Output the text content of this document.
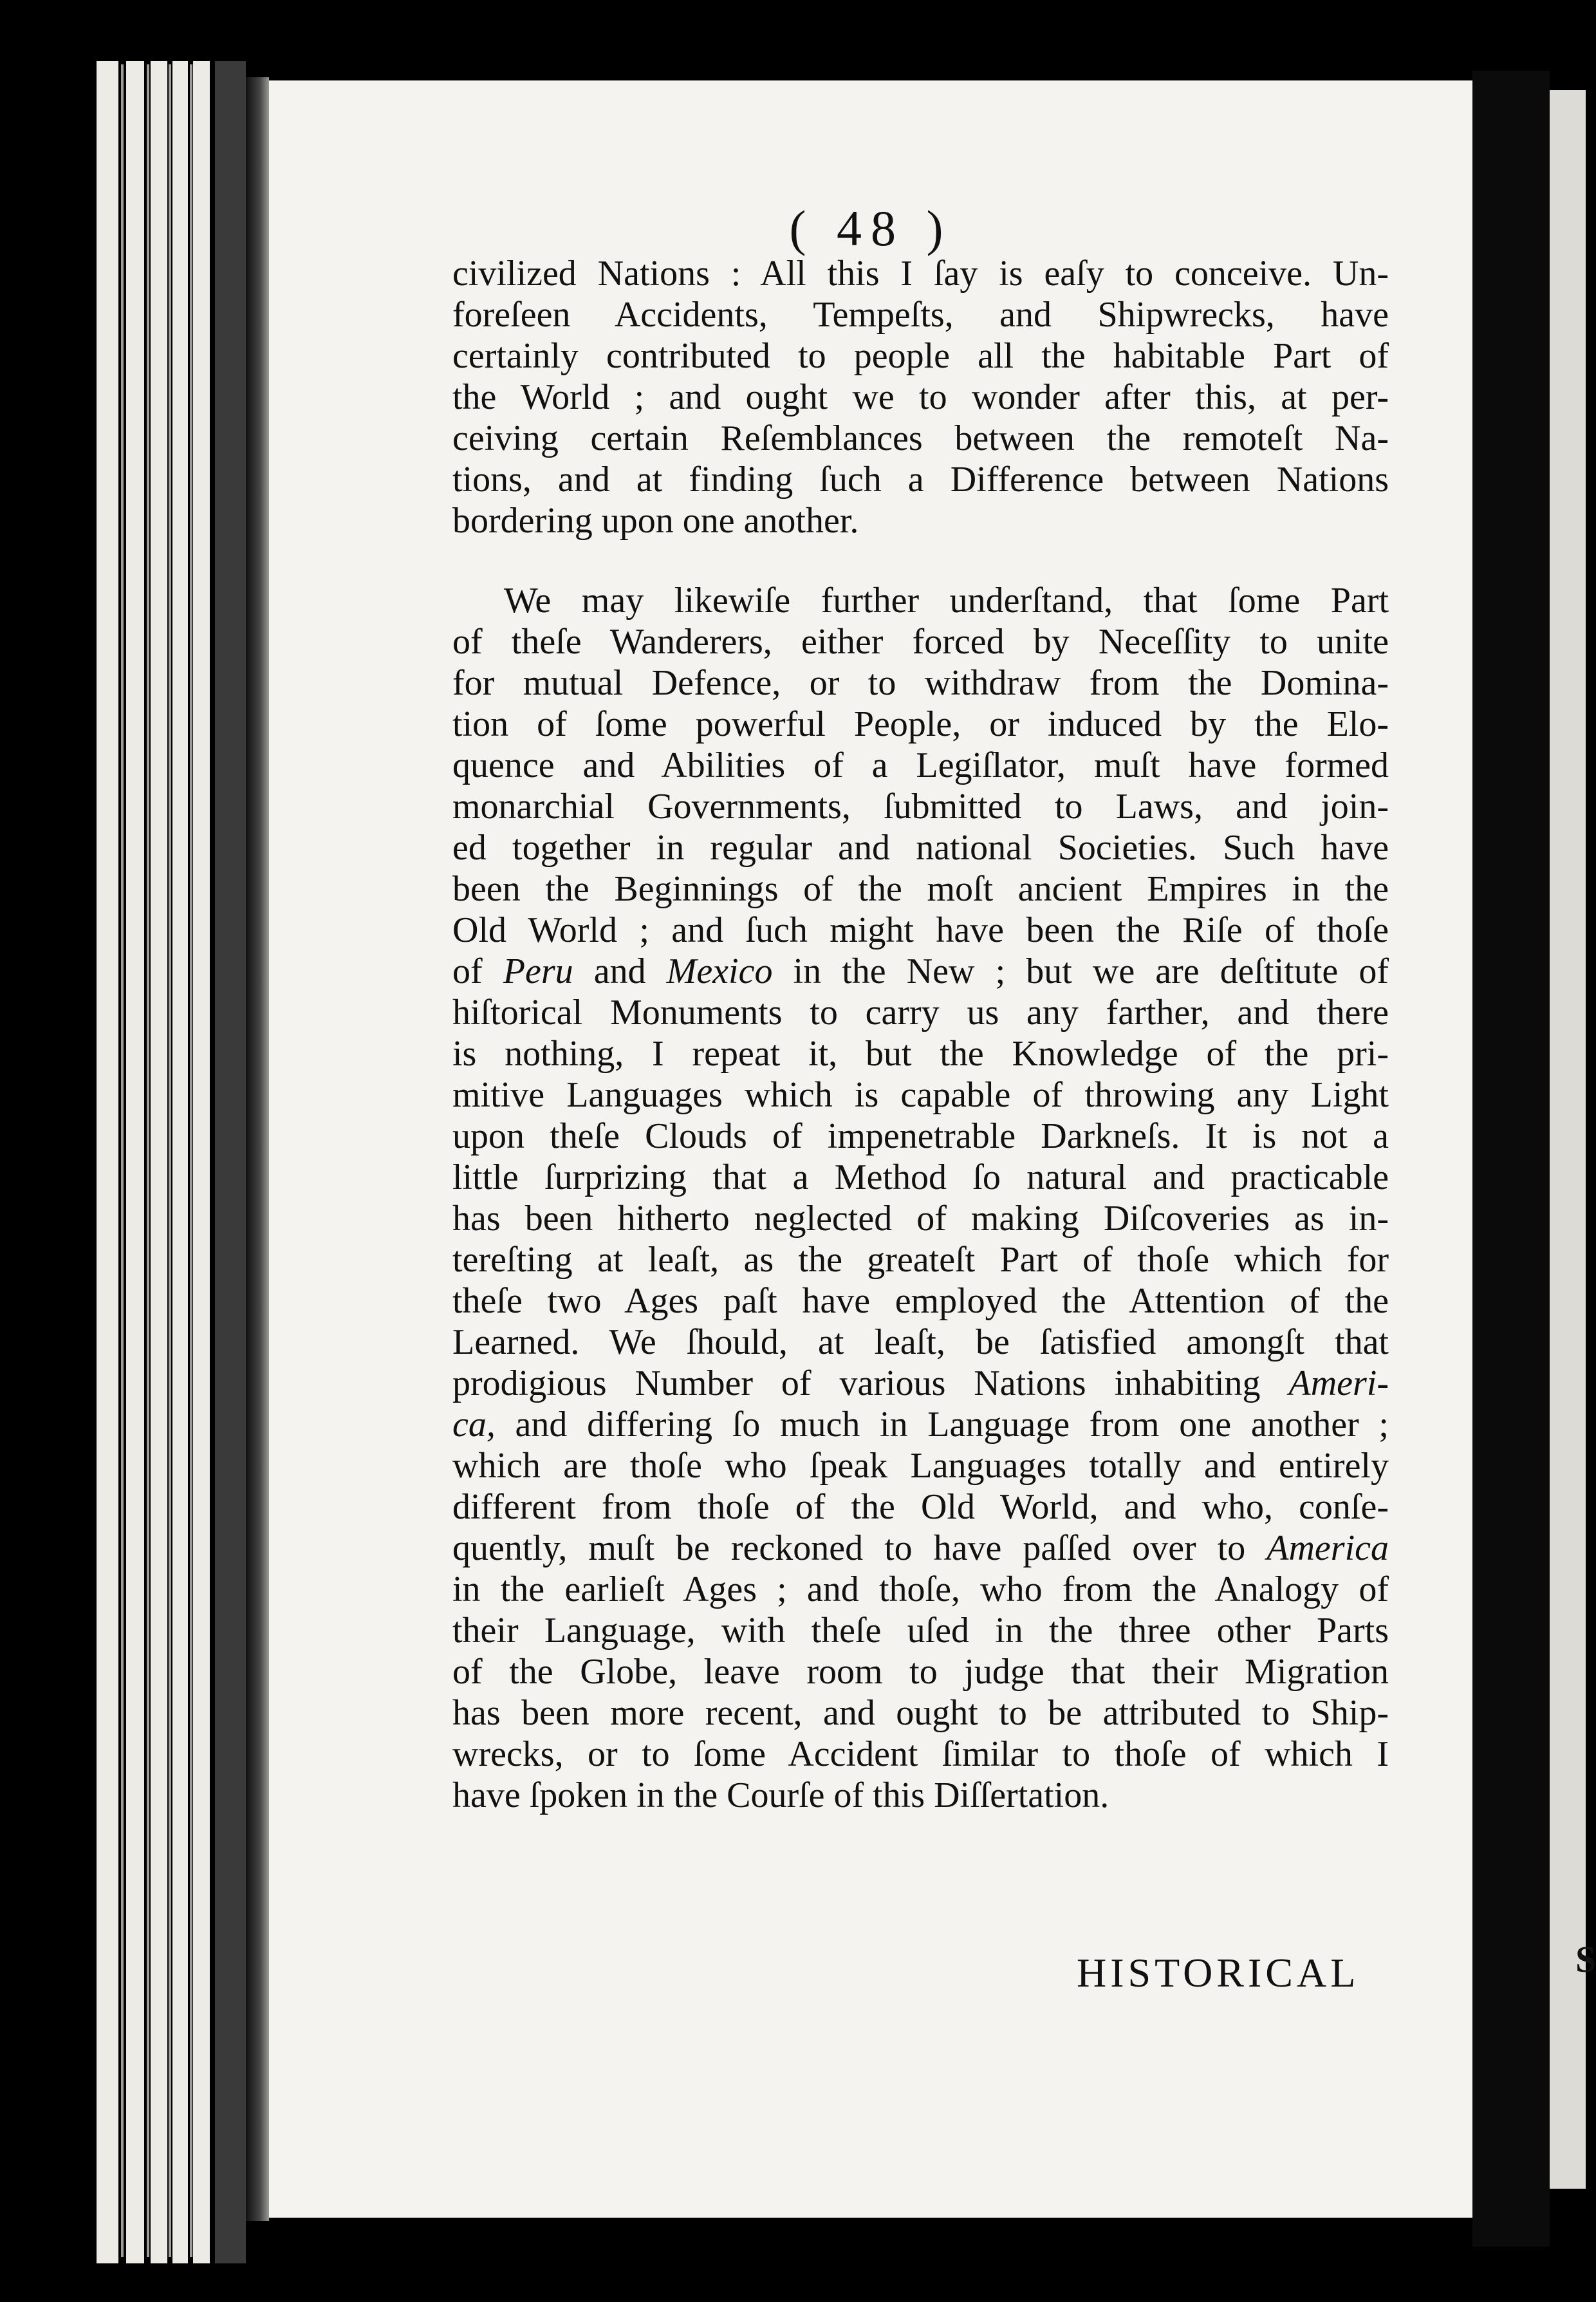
S
( 48 )
civilized Nations : All this I ſay is eaſy to conceive. Un-
foreſeen Accidents, Tempeſts, and Shipwrecks, have
certainly contributed to people all the habitable Part of
the World ; and ought we to wonder after this, at per-
ceiving certain Reſemblances between the remoteſt Na-
tions, and at finding ſuch a Difference between Nations
bordering upon one another.
We may likewiſe further underſtand, that ſome Part
of theſe Wanderers, either forced by Neceſſity to unite
for mutual Defence, or to withdraw from the Domina-
tion of ſome powerful People, or induced by the Elo-
quence and Abilities of a Legiſlator, muſt have formed
monarchial Governments, ſubmitted to Laws, and join-
ed together in regular and national Societies. Such have
been the Beginnings of the moſt ancient Empires in the
Old World ; and ſuch might have been the Riſe of thoſe
of Peru and Mexico in the New ; but we are deſtitute of
hiſtorical Monuments to carry us any farther, and there
is nothing, I repeat it, but the Knowledge of the pri-
mitive Languages which is capable of throwing any Light
upon theſe Clouds of impenetrable Darkneſs. It is not a
little ſurprizing that a Method ſo natural and practicable
has been hitherto neglected of making Diſcoveries as in-
tereſting at leaſt, as the greateſt Part of thoſe which for
theſe two Ages paſt have employed the Attention of the
Learned. We ſhould, at leaſt, be ſatisfied amongſt that
prodigious Number of various Nations inhabiting Ameri-
ca, and differing ſo much in Language from one another ;
which are thoſe who ſpeak Languages totally and entirely
different from thoſe of the Old World, and who, conſe-
quently, muſt be reckoned to have paſſed over to America
in the earlieſt Ages ; and thoſe, who from the Analogy of
their Language, with theſe uſed in the three other Parts
of the Globe, leave room to judge that their Migration
has been more recent, and ought to be attributed to Ship-
wrecks, or to ſome Accident ſimilar to thoſe of which I
have ſpoken in the Courſe of this Diſſertation.
HISTORICAL
